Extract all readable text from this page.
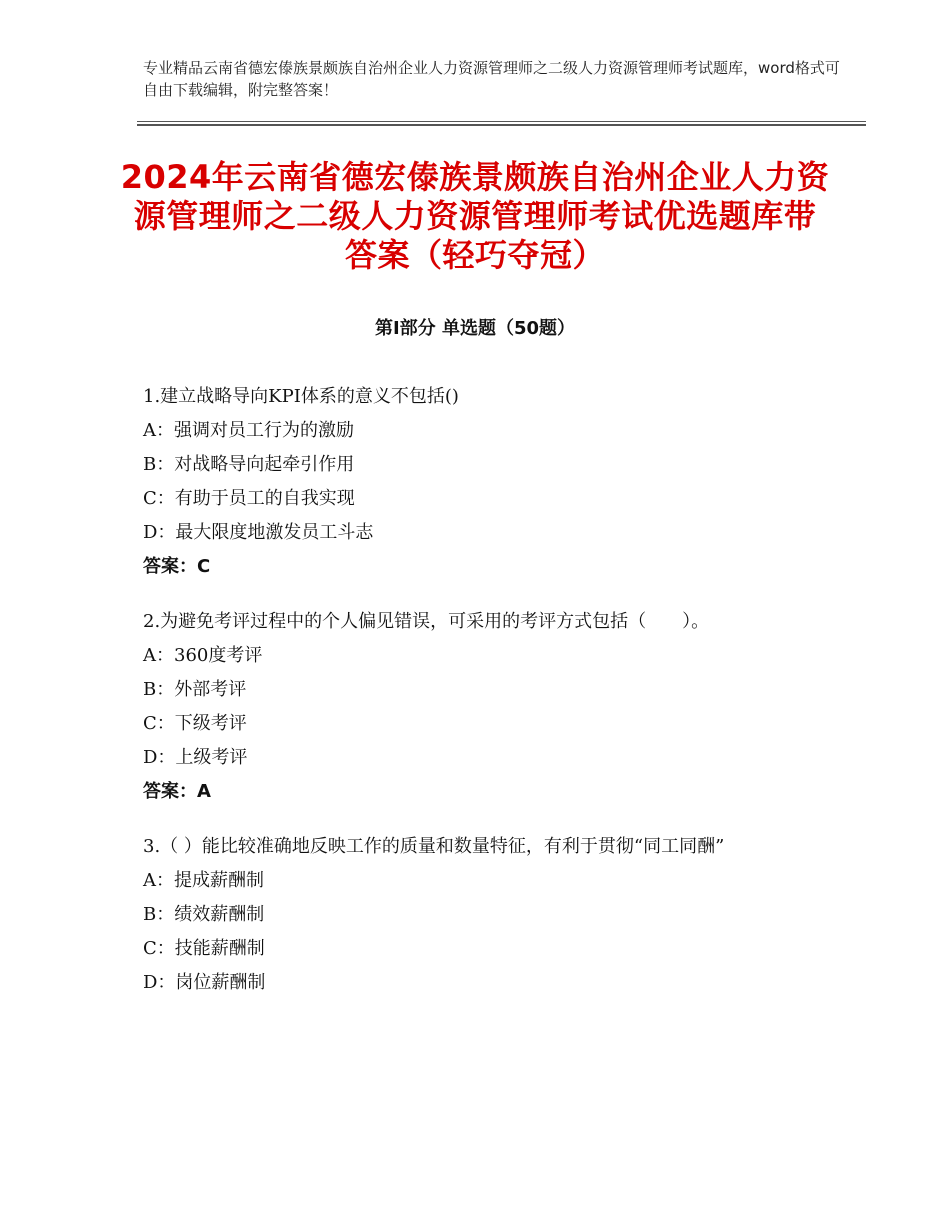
专业精品云南省德宏傣族景颇族自治州企业人力资源管理师之二级人力资源管理师考试题库，word格式可自由下载编辑，附完整答案！
2024年云南省德宏傣族景颇族自治州企业人力资源管理师之二级人力资源管理师考试优选题库带答案（轻巧夺冠）
第Ⅰ部分 单选题（50题）
1.建立战略导向KPI体系的意义不包括()
A：强调对员工行为的激励
B：对战略导向起牵引作用
C：有助于员工的自我实现
D：最大限度地激发员工斗志
答案：C
2.为避免考评过程中的个人偏见错误，可采用的考评方式包括（　　）。
A：360度考评
B：外部考评
C：下级考评
D：上级考评
答案：A
3.（ ）能比较准确地反映工作的质量和数量特征，有利于贯彻“同工同酬”
A：提成薪酬制
B：绩效薪酬制
C：技能薪酬制
D：岗位薪酬制
